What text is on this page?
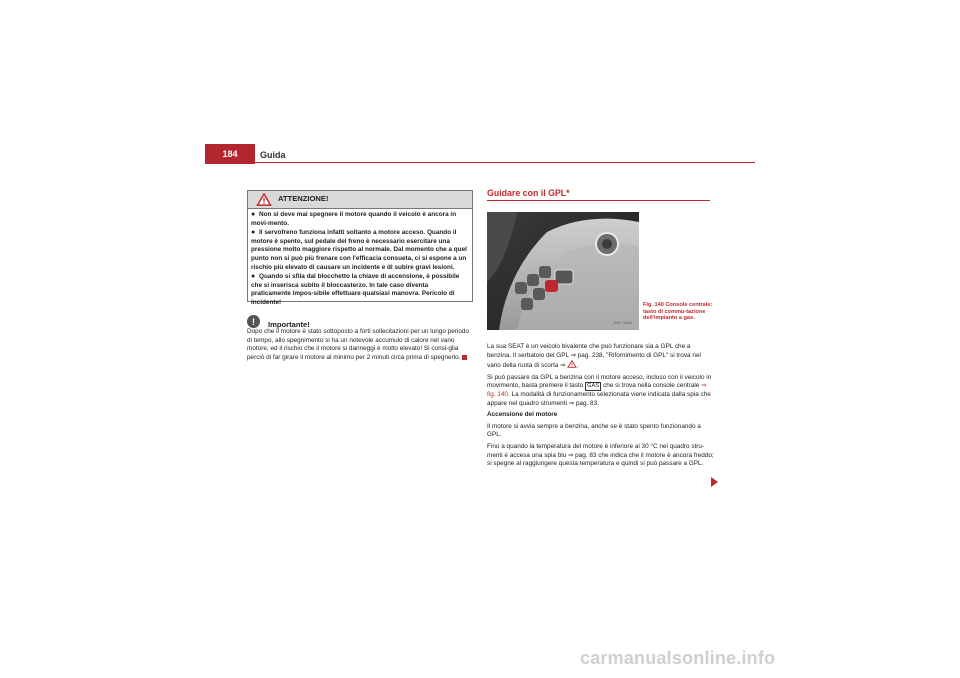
184	Guida
ATTENZIONE!

● Non si deve mai spegnere il motore quando il veicolo è ancora in movi-mento.

● Il servofreno funziona infatti soltanto a motore acceso. Quando il motore è spento, sul pedale del freno è necessario esercitare una pressione molto maggiore rispetto al normale. Dal momento che a quel punto non si può più frenare con l'efficacia consueta, ci si espone a un rischio più elevato di causare un incidente e di subire gravi lesioni.

● Quando si sfila dal blocchetto la chiave di accensione, è possibile che si inserisca subito il bloccasterzo. In tale caso diventa praticamente impos-sibile effettuare qualsiasi manovra. Pericolo di incidente!

!	Importante!
Dopo che il motore è stato sottoposto a forti sollecitazioni per un lungo periodo di tempo, allo spegnimento si ha un notevole accumulo di calore nel vano motore, ed il rischio che il motore si danneggi è molto elevato! Si consi-glia perciò di far girare il motore al minimo per 2 minuti circa prima di spegnerlo.
Guidare con il GPL*
B5P-0466
Fig. 140 Console centrale: tasto di commu-tazione dell'impianto a gas.

La sua SEAT è un veicolo bivalente che può funzionare sia a GPL che a benzina. Il serbatoio del GPL ⇒ pag. 238, "Rifornimento di GPL" si trova nel vano della ruota di scorta ⇒ .

Si può passare da GPL a benzina con il motore acceso, incluso con il veicolo in movimento, basta premere il tasto GAS che si trova nella console centrale ⇒ fig. 140. La modalità di funzionamento selezionata viene indicata dalla spia che appare nel quadro strumenti ⇒ pag. 83.

Accensione del motore

Il motore si avvia sempre a benzina, anche se è stato spento funzionando a GPL.

Fino a quando la temperatura del motore è inferiore ai 30 °C nel quadro stru-menti è accesa una spia blu ⇒ pag. 83 che indica che il motore è ancora freddo; si spegne al raggiungere questa temperatura e quindi si può passare a GPL.

carmanualsonline.info
